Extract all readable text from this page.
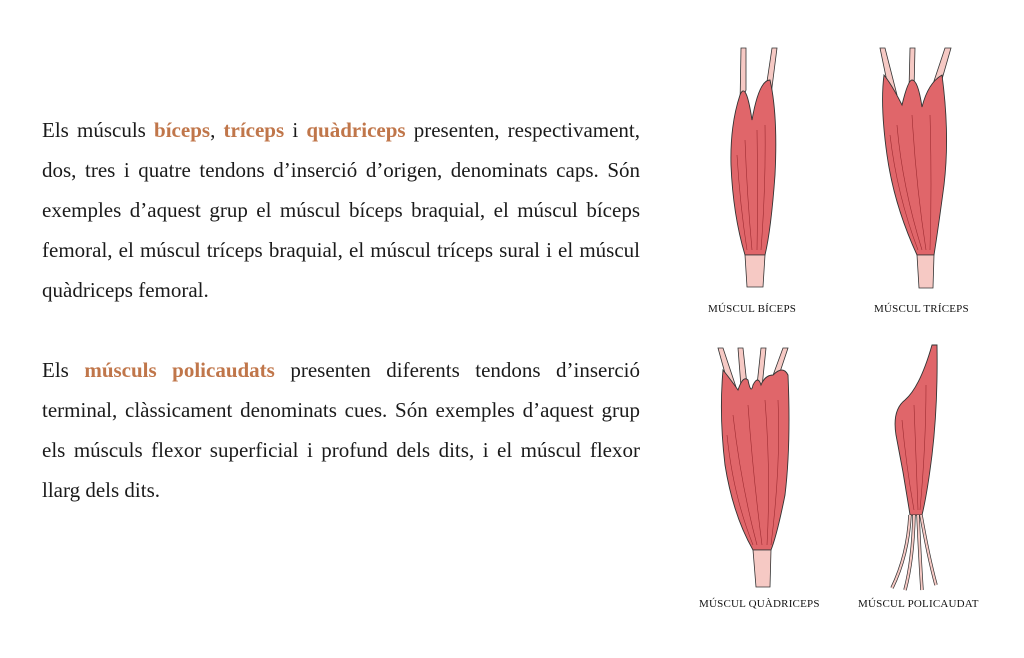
Els músculs bíceps, tríceps i quàdriceps presenten, respectivament, dos, tres i quatre tendons d’inserció d’origen, denominats caps. Són exemples d’aquest grup el múscul bíceps braquial, el múscul bíceps femoral, el múscul tríceps braquial, el múscul tríceps sural i el múscul quàdriceps femoral.

Els músculs policaudats presenten diferents tendons d’inserció terminal, clàssicament denominats cues. Són exemples d’aquest grup els músculs flexor superficial i profund dels dits, i el múscul flexor llarg dels dits.

MÚSCUL BÍCEPS	MÚSCUL TRÍCEPS
MÚSCUL QUÀDRICEPS	MÚSCUL POLICAUDAT
